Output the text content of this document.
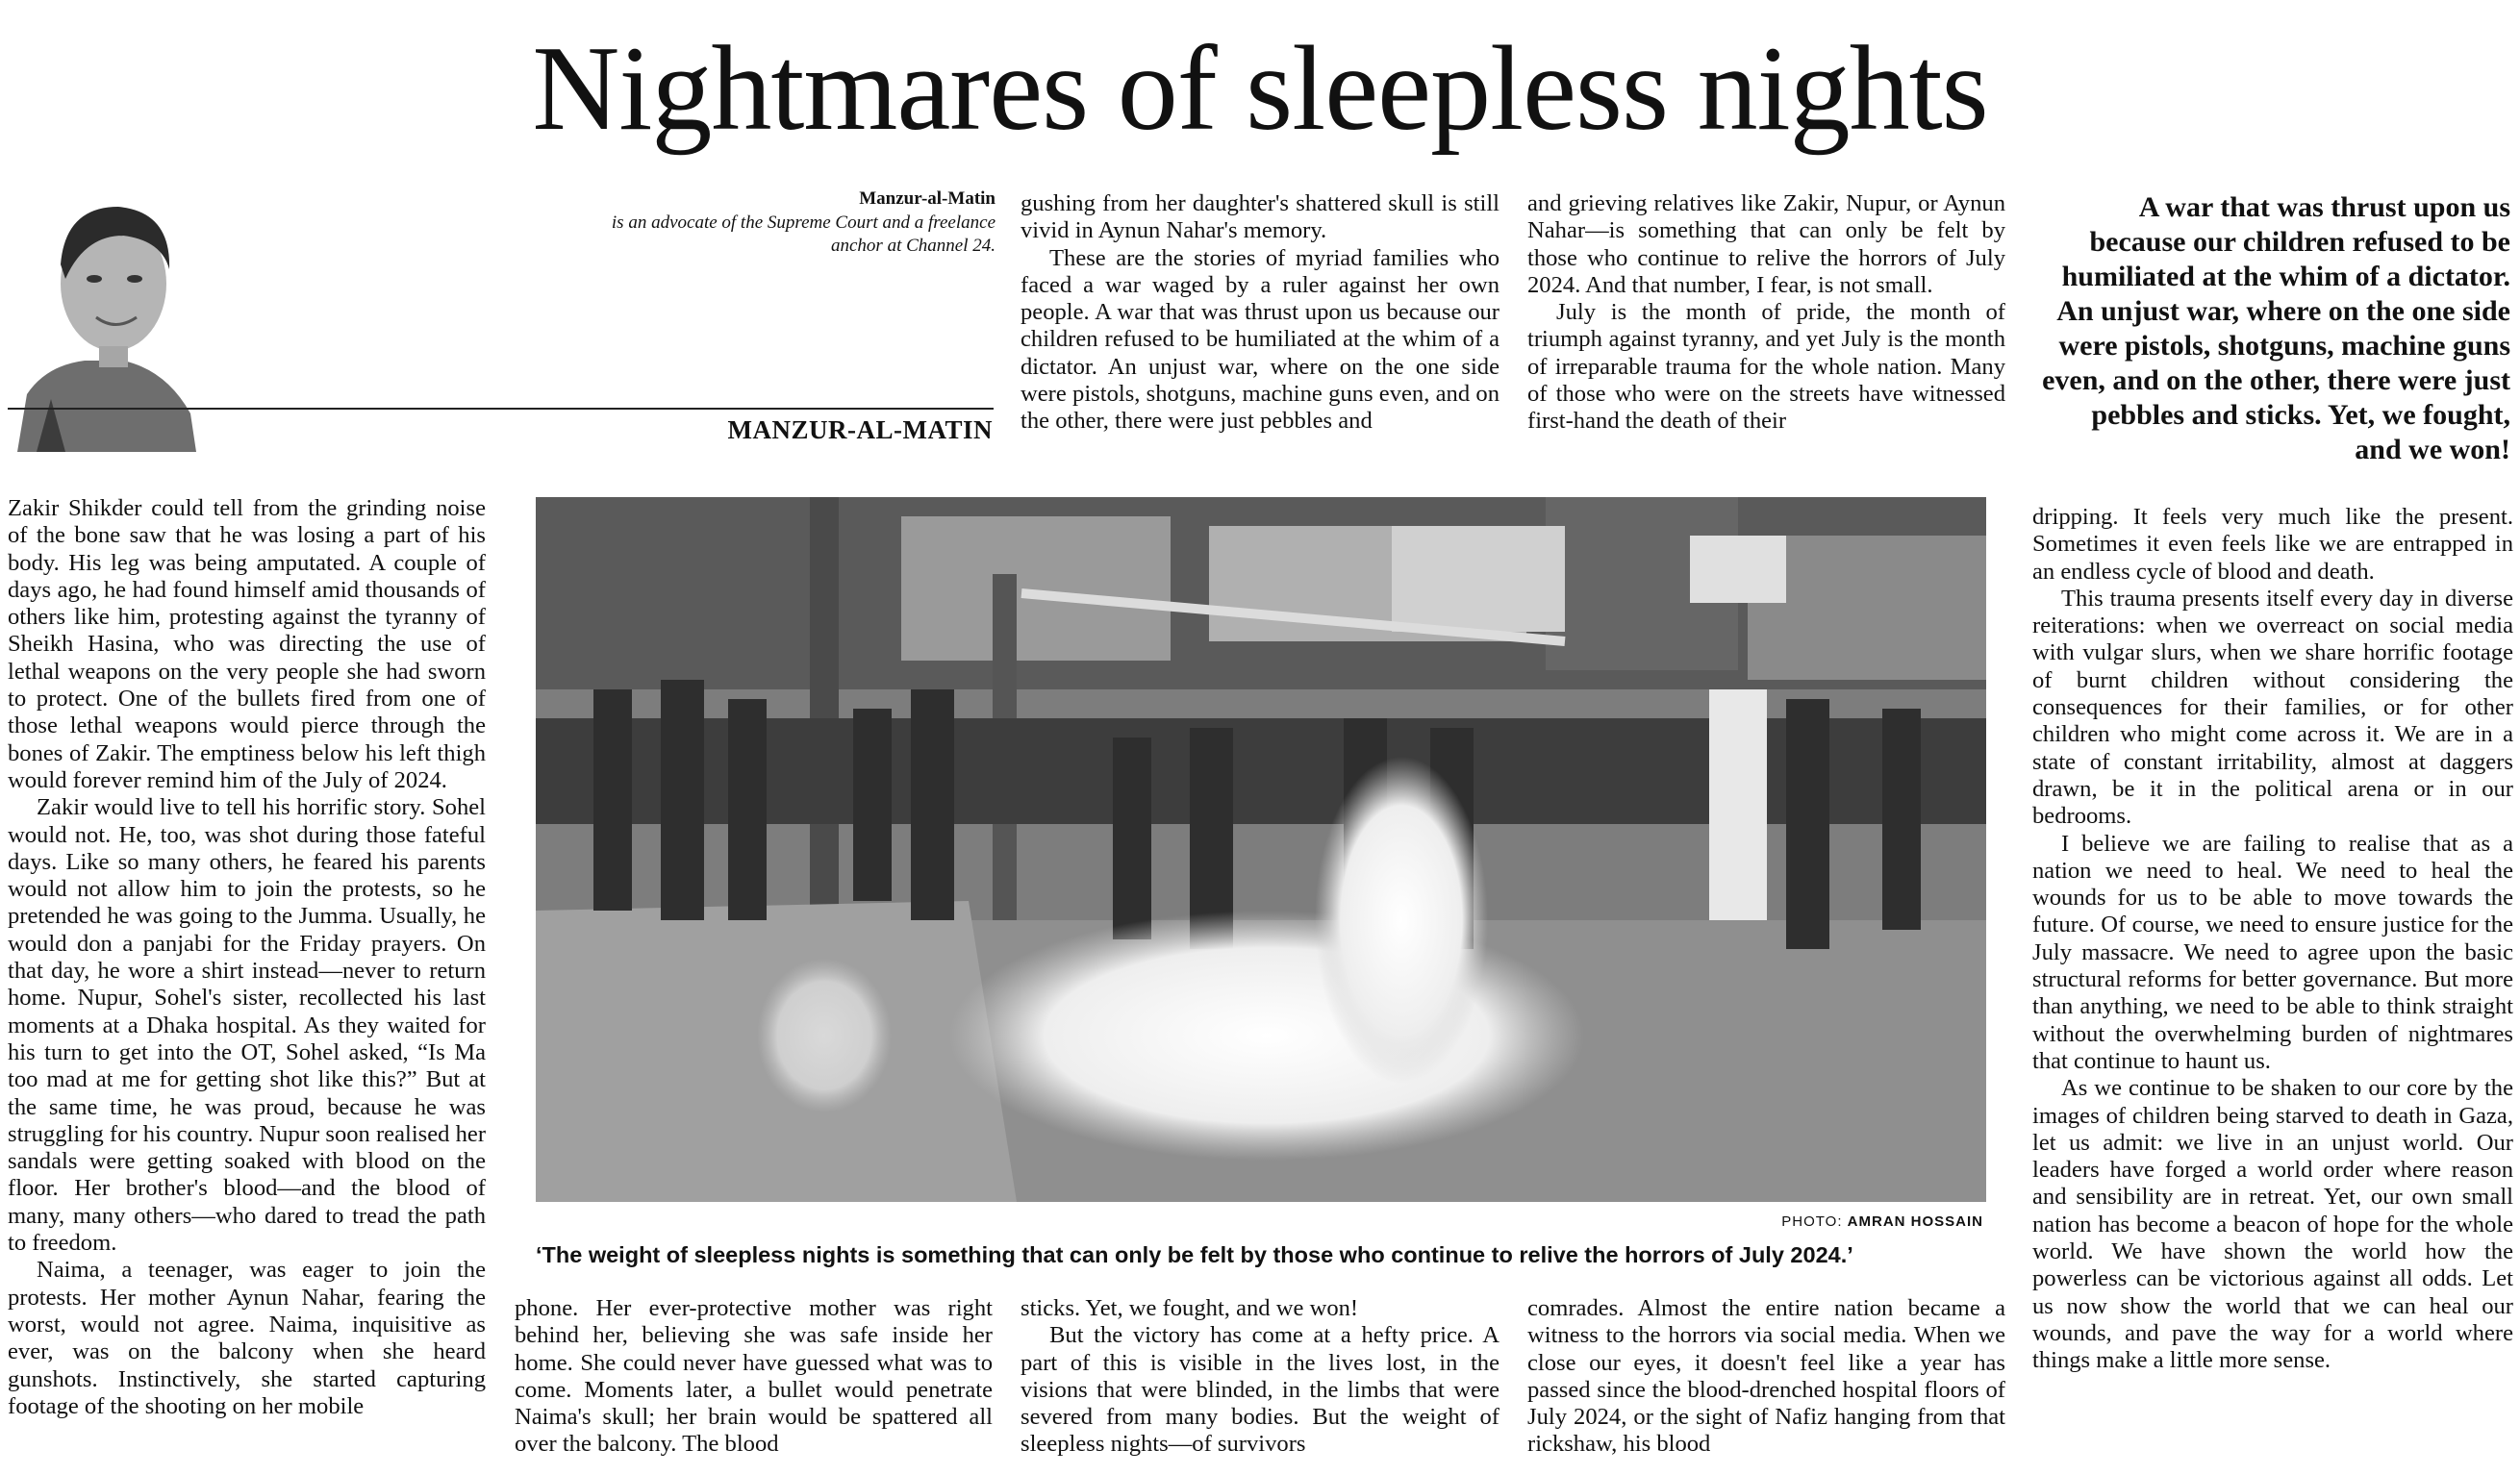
Nightmares of sleepless nights
Manzur-al-Matin
is an advocate of the Supreme Court and a freelance anchor at Channel 24.
MANZUR-AL-MATIN

Zakir Shikder could tell from the grinding noise of the bone saw that he was losing a part of his body. His leg was being amputated. A couple of days ago, he had found himself amid thousands of others like him, protesting against the tyranny of Sheikh Hasina, who was directing the use of lethal weapons on the very people she had sworn to protect. One of the bullets fired from one of those lethal weapons would pierce through the bones of Zakir. The emptiness below his left thigh would forever remind him of the July of 2024.

Zakir would live to tell his horrific story. Sohel would not. He, too, was shot during those fateful days. Like so many others, he feared his parents would not allow him to join the protests, so he pretended he was going to the Jumma. Usually, he would don a panjabi for the Friday prayers. On that day, he wore a shirt instead—never to return home. Nupur, Sohel's sister, recollected his last moments at a Dhaka hospital. As they waited for his turn to get into the OT, Sohel asked, “Is Ma too mad at me for getting shot like this?” But at the same time, he was proud, because he was struggling for his country. Nupur soon realised her sandals were getting soaked with blood on the floor. Her brother's blood—and the blood of many, many others—who dared to tread the path to freedom.

Naima, a teenager, was eager to join the protests. Her mother Aynun Nahar, fearing the worst, would not agree. Naima, inquisitive as ever, was on the balcony when she heard gunshots. Instinctively, she started capturing footage of the shooting on her mobile

phone. Her ever-protective mother was right behind her, believing she was safe inside her home. She could never have guessed what was to come. Moments later, a bullet would penetrate Naima's skull; her brain would be spattered all over the balcony. The blood

gushing from her daughter's shattered skull is still vivid in Aynun Nahar's memory.

These are the stories of myriad families who faced a war waged by a ruler against her own people. A war that was thrust upon us because our children refused to be humiliated at the whim of a dictator. An unjust war, where on the one side were pistols, shotguns, machine guns even, and on the other, there were just pebbles and

sticks. Yet, we fought, and we won!

But the victory has come at a hefty price. A part of this is visible in the lives lost, in the visions that were blinded, in the limbs that were severed from many bodies. But the weight of sleepless nights—of survivors

and grieving relatives like Zakir, Nupur, or Aynun Nahar—is something that can only be felt by those who continue to relive the horrors of July 2024. And that number, I fear, is not small.

July is the month of pride, the month of triumph against tyranny, and yet July is the month of irreparable trauma for the whole nation. Many of those who were on the streets have witnessed first-hand the death of their

comrades. Almost the entire nation became a witness to the horrors via social media. When we close our eyes, it doesn't feel like a year has passed since the blood-drenched hospital floors of July 2024, or the sight of Nafiz hanging from that rickshaw, his blood

A war that was thrust upon us because our children refused to be humiliated at the whim of a dictator. An unjust war, where on the one side were pistols, shotguns, machine guns even, and on the other, there were just pebbles and sticks. Yet, we fought, and we won!

dripping. It feels very much like the present. Sometimes it even feels like we are entrapped in an endless cycle of blood and death.

This trauma presents itself every day in diverse reiterations: when we overreact on social media with vulgar slurs, when we share horrific footage of burnt children without considering the consequences for their families, or for other children who might come across it. We are in a state of constant irritability, almost at daggers drawn, be it in the political arena or in our bedrooms.

I believe we are failing to realise that as a nation we need to heal. We need to heal the wounds for us to be able to move towards the future. Of course, we need to ensure justice for the July massacre. We need to agree upon the basic structural reforms for better governance. But more than anything, we need to be able to think straight without the overwhelming burden of nightmares that continue to haunt us.

As we continue to be shaken to our core by the images of children being starved to death in Gaza, let us admit: we live in an unjust world. Our leaders have forged a world order where reason and sensibility are in retreat. Yet, our own small nation has become a beacon of hope for the whole world. We have shown the world how the powerless can be victorious against all odds. Let us now show the world that we can heal our wounds, and pave the way for a world where things make a little more sense.

PHOTO: AMRAN HOSSAIN
‘The weight of sleepless nights is something that can only be felt by those who continue to relive the horrors of July 2024.’
